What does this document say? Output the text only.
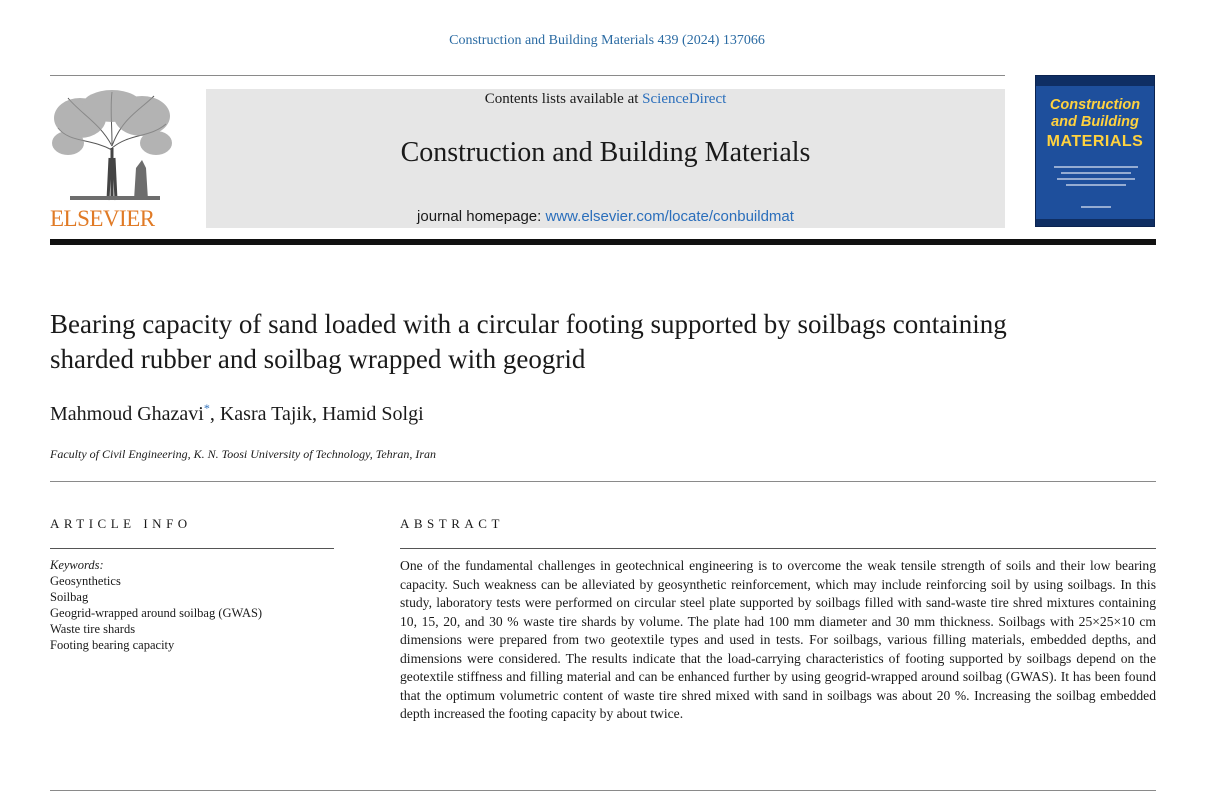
Construction and Building Materials 439 (2024) 137066
ELSEVIER
Contents lists available at ScienceDirect
Construction and Building Materials
journal homepage: www.elsevier.com/locate/conbuildmat
Construction
and Building
MATERIALS
Bearing capacity of sand loaded with a circular footing supported by soilbags containing sharded rubber and soilbag wrapped with geogrid
Mahmoud Ghazavi*, Kasra Tajik, Hamid Solgi
Faculty of Civil Engineering, K. N. Toosi University of Technology, Tehran, Iran
ARTICLE INFO
Keywords:
Geosynthetics
Soilbag
Geogrid-wrapped around soilbag (GWAS)
Waste tire shards
Footing bearing capacity
ABSTRACT
One of the fundamental challenges in geotechnical engineering is to overcome the weak tensile strength of soils and their low bearing capacity. Such weakness can be alleviated by geosynthetic reinforcement, which may include reinforcing soil by using soilbags. In this study, laboratory tests were performed on circular steel plate supported by soilbags filled with sand-waste tire shred mixtures containing 10, 15, 20, and 30 % waste tire shards by volume. The plate had 100 mm diameter and 30 mm thickness. Soilbags with 25×25×10 cm dimensions were prepared from two geotextile types and used in tests. For soilbags, various filling materials, embedded depths, and dimensions were considered. The results indicate that the load-carrying characteristics of footing supported by soilbags depend on the geotextile stiffness and filling material and can be enhanced further by using geogrid-wrapped around soilbag (GWAS). It has been found that the optimum volumetric content of waste tire shred mixed with sand in soilbags was about 20 %. Increasing the soilbag embedded depth increased the footing capacity by about twice.
